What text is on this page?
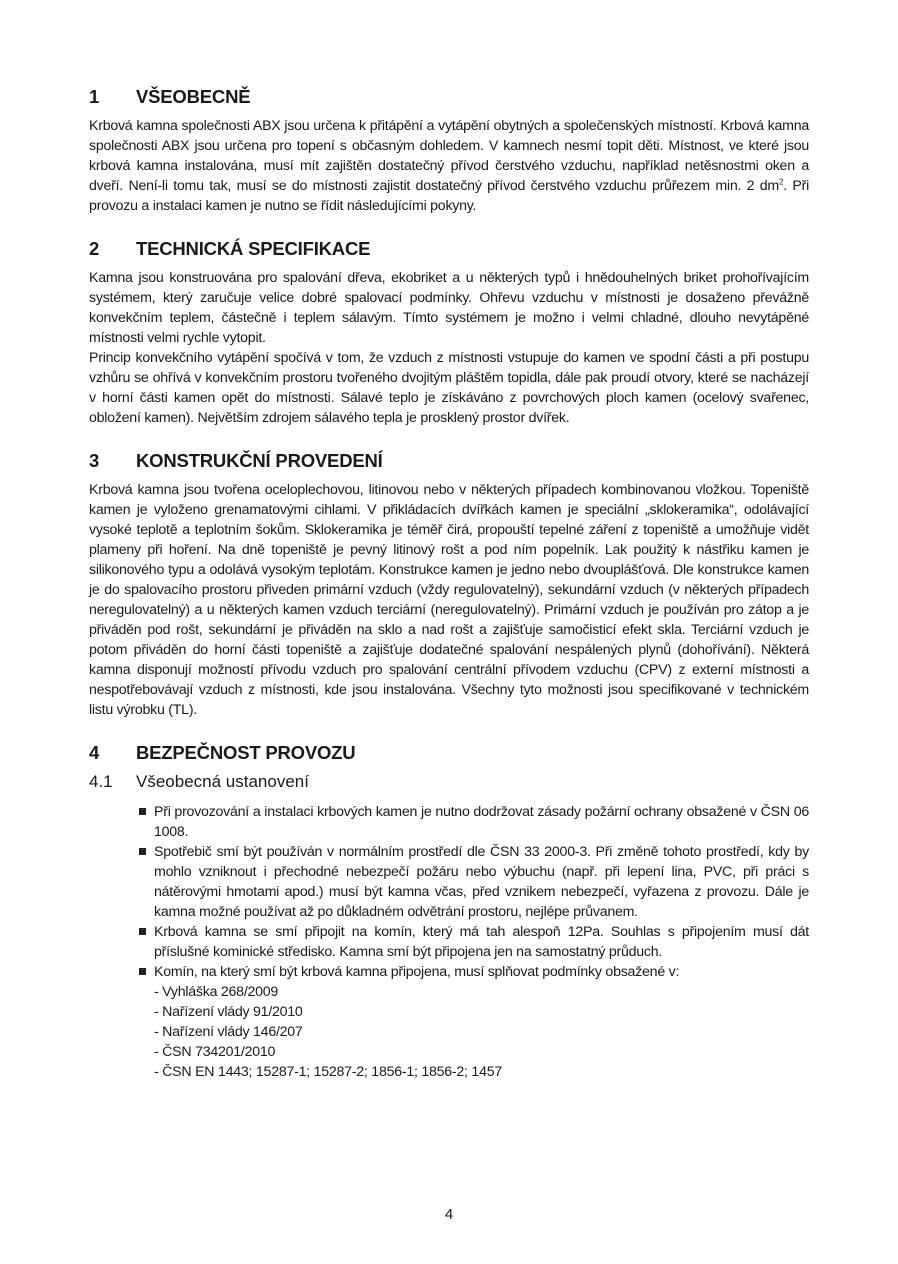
1	VŠEOBECNĚ

Krbová kamna společnosti ABX jsou určena k přitápění a vytápění obytných a společenských místností. Krbová kamna společnosti ABX jsou určena pro topení s občasným dohledem. V kamnech nesmí topit děti. Místnost, ve které jsou krbová kamna instalována, musí mít zajištěn dostatečný přívod čerstvého vzduchu, například netěsnostmi oken a dveří. Není-li tomu tak, musí se do místnosti zajistit dostatečný přívod čerstvého vzduchu průřezem min. 2 $dm^2$. Při provozu a instalaci kamen je nutno se řídit následujícími pokyny.

2	TECHNICKÁ SPECIFIKACE

Kamna jsou konstruována pro spalování dřeva, ekobriket a u některých typů i hnědouhelných briket prohořívajícím systémem, který zaručuje velice dobré spalovací podmínky. Ohřevu vzduchu v místnosti je dosaženo převážně konvekčním teplem, částečně i teplem sálavým. Tímto systémem je možno i velmi chladné, dlouho nevytápěné místnosti velmi rychle vytopit.

Princip konvekčního vytápění spočívá v tom, že vzduch z místnosti vstupuje do kamen ve spodní části a při postupu vzhůru se ohřívá v konvekčním prostoru tvořeného dvojitým pláštěm topidla, dále pak proudí otvory, které se nacházejí v horní části kamen opět do místnosti. Sálavé teplo je získáváno z povrchových ploch kamen (ocelový svařenec, obložení kamen). Největším zdrojem sálavého tepla je prosklený prostor dvířek.

3	KONSTRUKČNÍ PROVEDENÍ

Krbová kamna jsou tvořena oceloplechovou, litinovou nebo v některých případech kombinovanou vložkou. Topeniště kamen je vyloženo grenamatovými cihlami. V přikládacích dvířkách kamen je speciální „sklokeramika“, odolávající vysoké teplotě a teplotním šokům. Sklokeramika je téměř čirá, propouští tepelné záření z topeniště a umožňuje vidět plameny při hoření. Na dně topeniště je pevný litinový rošt a pod ním popelník. Lak použitý k nástřiku kamen je silikonového typu a odolává vysokým teplotám. Konstrukce kamen je jedno nebo dvouplášťová. Dle konstrukce kamen je do spalovacího prostoru přiveden primární vzduch (vždy regulovatelný), sekundární vzduch (v některých případech neregulovatelný) a u některých kamen vzduch terciární (neregulovatelný). Primární vzduch je používán pro zátop a je přiváděn pod rošt, sekundární je přiváděn na sklo a nad rošt a zajišťuje samočisticí efekt skla. Terciární vzduch je potom přiváděn do horní části topeniště a zajišťuje dodatečné spalování nespálených plynů (dohořívání). Některá kamna disponují možností přívodu vzduch pro spalování centrální přívodem vzduchu (CPV) z externí místnosti a nespotřebovávají vzduch z místnosti, kde jsou instalována. Všechny tyto možnosti jsou specifikované v technickém listu výrobku (TL).

4	BEZPEČNOST PROVOZU
4.1	Všeobecná ustanovení
Při provozování a instalaci krbových kamen je nutno dodržovat zásady požární ochrany obsažené v ČSN 06 1008.
Spotřebič smí být používán v normálním prostředí dle ČSN 33 2000-3. Při změně tohoto prostředí, kdy by mohlo vzniknout i přechodné nebezpečí požáru nebo výbuchu (např. při lepení lina, PVC, při práci s nátěrovými hmotami apod.) musí být kamna včas, před vznikem nebezpečí, vyřazena z provozu. Dále je kamna možné používat až po důkladném odvětrání prostoru, nejlépe průvanem.
Krbová kamna se smí připojit na komín, který má tah alespoň 12Pa. Souhlas s připojením musí dát příslušné kominické středisko. Kamna smí být připojena jen na samostatný průduch.
Komín, na který smí být krbová kamna připojena, musí splňovat podmínky obsažené v:
- Vyhláška 268/2009
- Nařízení vlády 91/2010
- Nařízení vlády 146/207
- ČSN 734201/2010
- ČSN EN 1443; 15287-1; 15287-2; 1856-1; 1856-2; 1457
4
